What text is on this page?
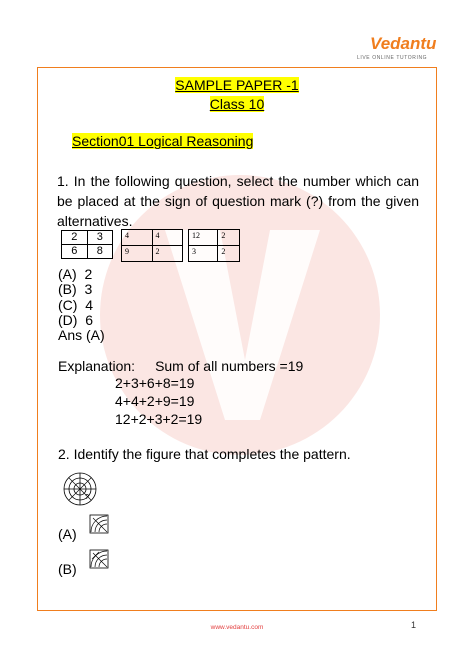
Vedantu
LIVE ONLINE TUTORING
SAMPLE PAPER -1
Class 10
Section01 Logical Reasoning
1. In the following question, select the number which can be placed at the sign of question mark (?) from the given alternatives.
2	3
6	8
4	4
9	2
12	2
3	2
(A)  2
(B)  3
(C)  4
(D)  6
Ans (A)
Explanation: Sum of all numbers =19
2+3+6+8=19
4+4+2+9=19
12+2+3+2=19
2. Identify the figure that completes the pattern.
?
(A)
(B)
www.vedantu.com	1
